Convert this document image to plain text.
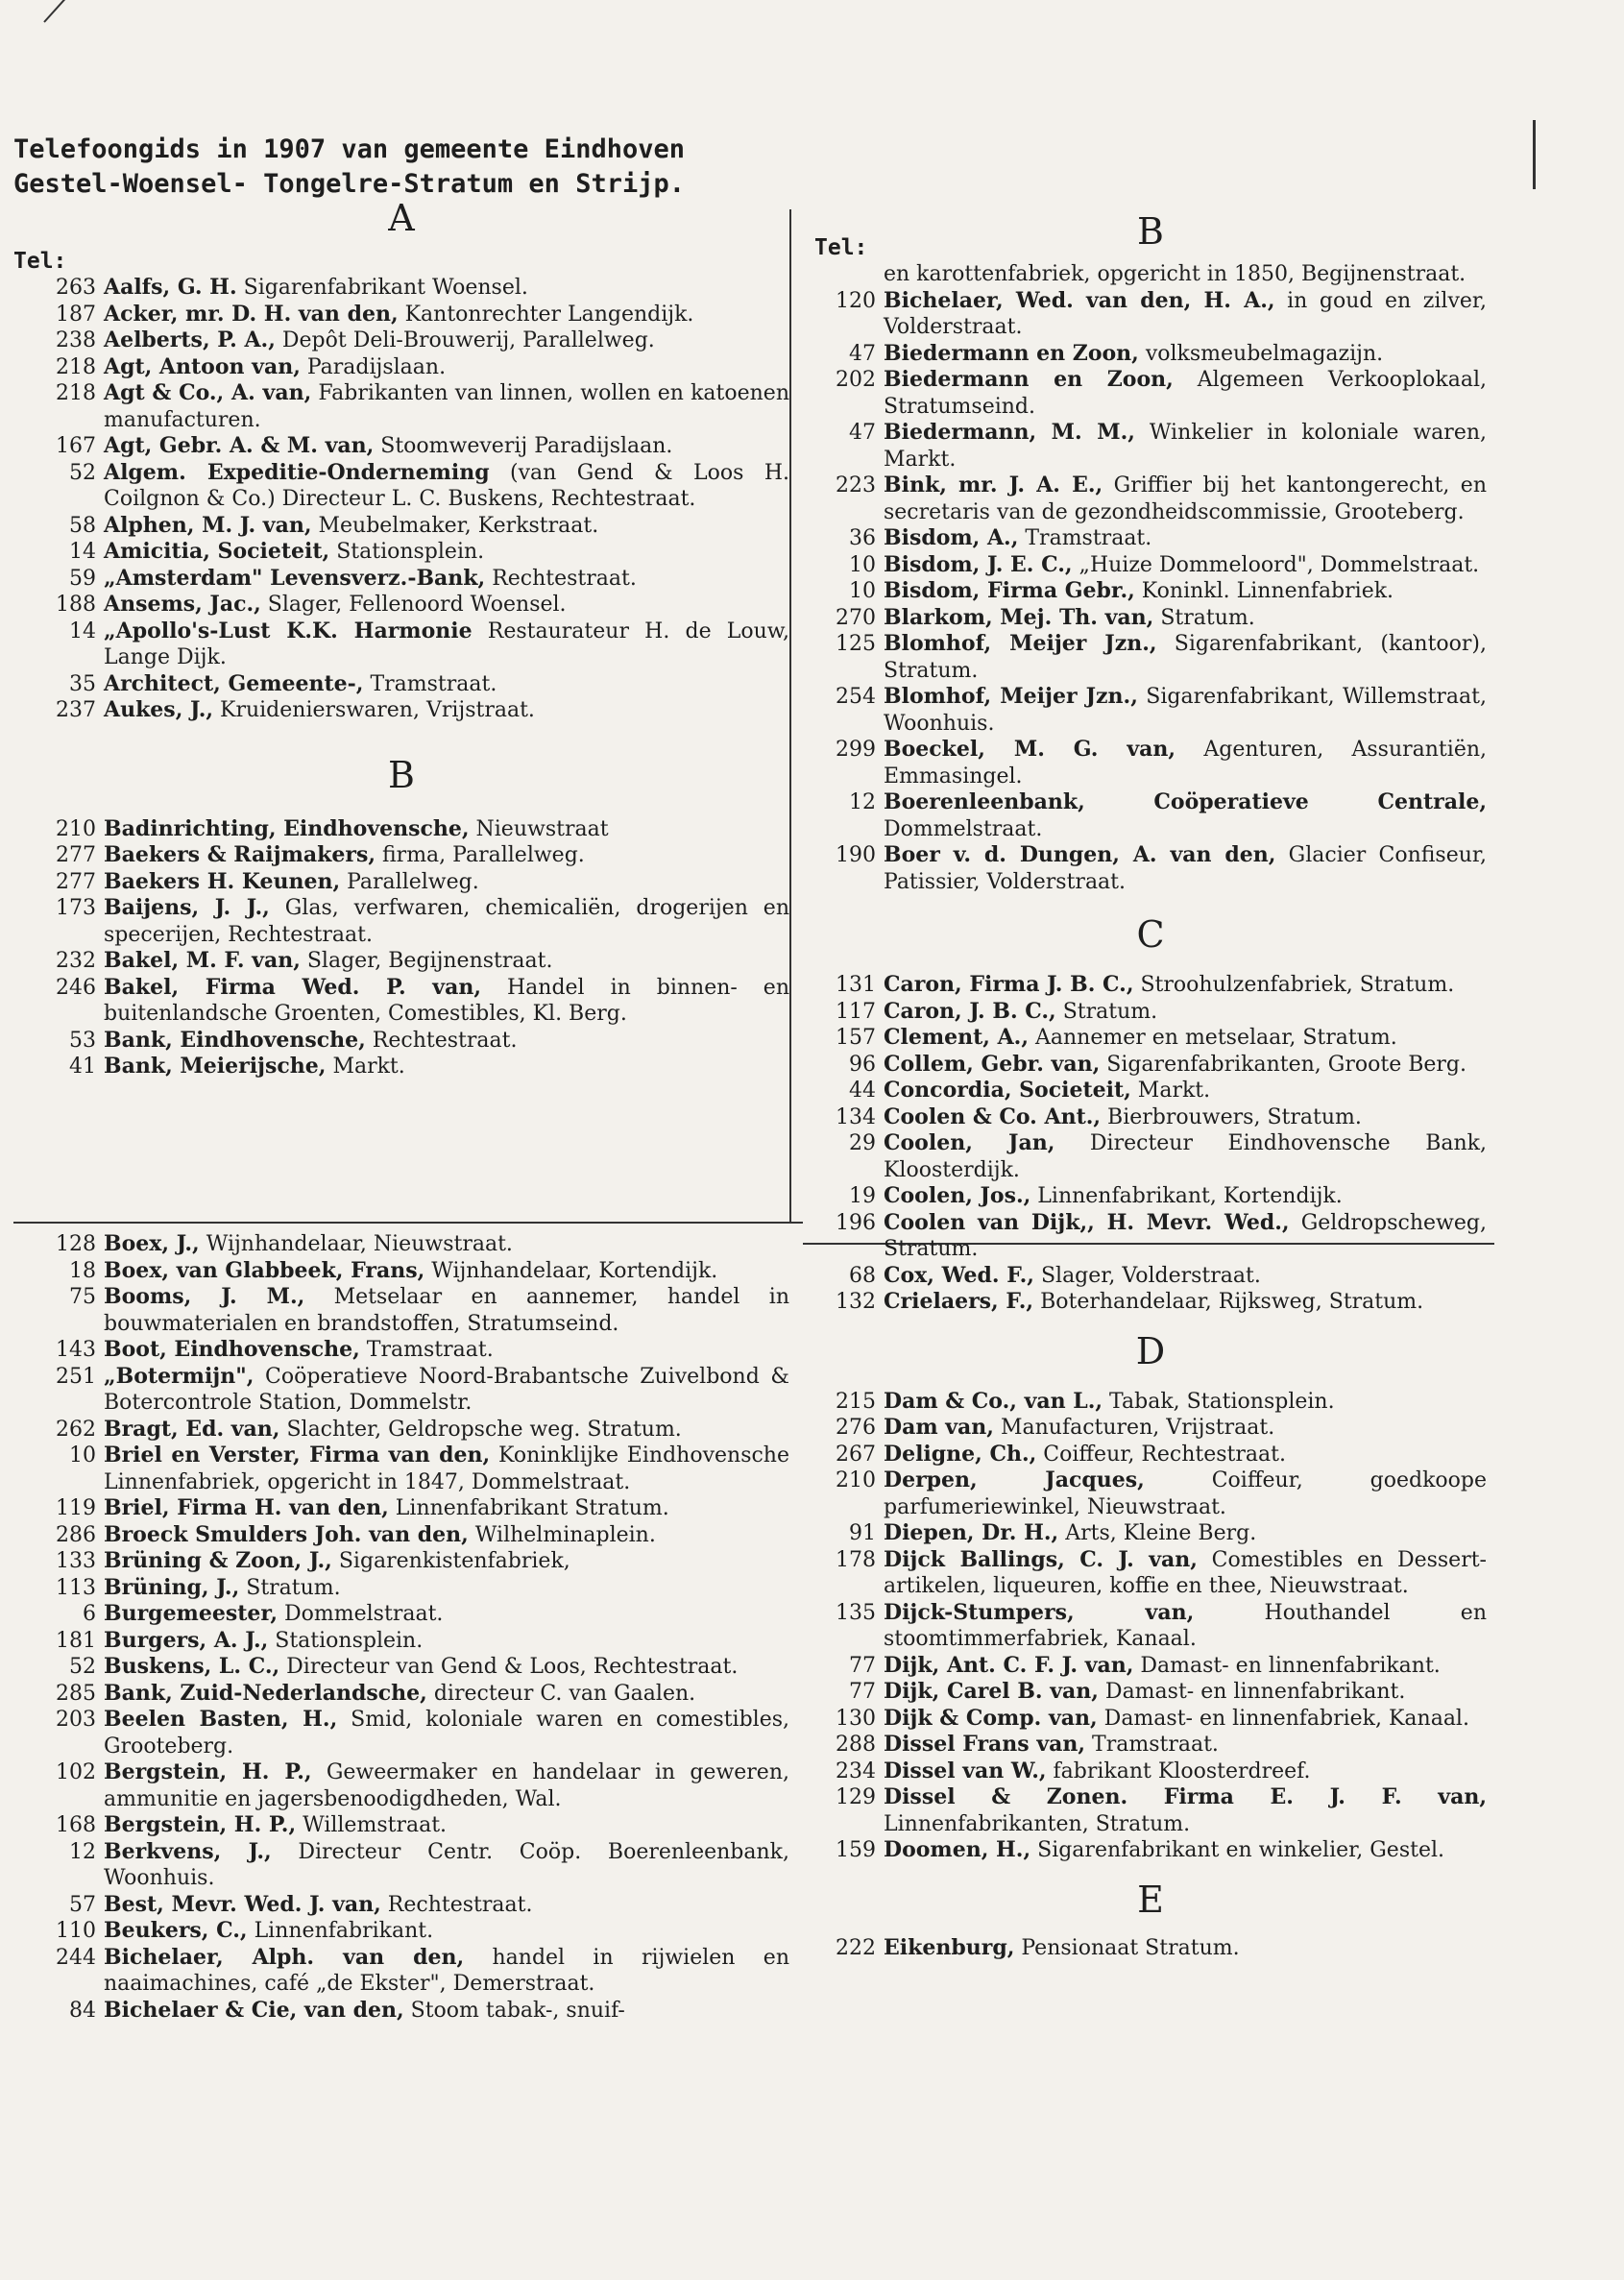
Telefoongids in 1907 van gemeente Eindhoven
Gestel-Woensel- Tongelre-Stratum en Strijp.
A
Tel:
263 Aalfs, G. H. Sigarenfabrikant Woensel.
187 Acker, mr. D. H. van den, Kantonrechter Langendijk.
238 Aelberts, P. A., Depôt Deli-Brouwerij, Parallelweg.
218 Agt, Antoon van, Paradijslaan.
218 Agt & Co., A. van, Fabrikanten van linnen, wollen en katoenen manufacturen.
167 Agt, Gebr. A. & M. van, Stoomweverij Paradijslaan.
52 Algem. Expeditie-Onderneming (van Gend & Loos H. Coilgnon & Co.) Directeur L. C. Buskens, Rechtestraat.
58 Alphen, M. J. van, Meubelmaker, Kerkstraat.
14 Amicitia, Societeit, Stationsplein.
59 „Amsterdam" Levensverz.-Bank, Rechtestraat.
188 Ansems, Jac., Slager, Fellenoord Woensel.
14 „Apollo's-Lust K.K. Harmonie Restaurateur H. de Louw, Lange Dijk.
35 Architect, Gemeente-, Tramstraat.
237 Aukes, J., Kruidenierswaren, Vrijstraat.
B
210 Badinrichting, Eindhovensche, Nieuwstraat
277 Baekers & Raijmakers, firma, Parallelweg.
277 Baekers H. Keunen, Parallelweg.
173 Baijens, J. J., Glas, verfwaren, chemicaliën, drogerijen en specerijen, Rechtestraat.
232 Bakel, M. F. van, Slager, Begijnenstraat.
246 Bakel, Firma Wed. P. van, Handel in binnen- en buitenlandsche Groenten, Comestibles, Kl. Berg.
53 Bank, Eindhovensche, Rechtestraat.
41 Bank, Meierijsche, Markt.
128 Boex, J., Wijnhandelaar, Nieuwstraat.
18 Boex, van Glabbeek, Frans, Wijnhandelaar, Kortendijk.
75 Booms, J. M., Metselaar en aannemer, handel in bouwmaterialen en brandstoffen, Stratumseind.
143 Boot, Eindhovensche, Tramstraat.
251 „Botermijn", Coöperatieve Noord-Brabantsche Zuivelbond & Botercontrole Station, Dommelstr.
262 Bragt, Ed. van, Slachter, Geldropsche weg. Stratum.
10 Briel en Verster, Firma van den, Koninklijke Eindhovensche Linnenfabriek, opgericht in 1847, Dommelstraat.
119 Briel, Firma H. van den, Linnenfabrikant Stratum.
286 Broeck Smulders Joh. van den, Wilhelminaplein.
133 Brüning & Zoon, J., Sigarenkistenfabriek,
113 Brüning, J., Stratum.
6 Burgemeester, Dommelstraat.
181 Burgers, A. J., Stationsplein.
52 Buskens, L. C., Directeur van Gend & Loos, Rechtestraat.
285 Bank, Zuid-Nederlandsche, directeur C. van Gaalen.
203 Beelen Basten, H., Smid, koloniale waren en comestibles, Grooteberg.
102 Bergstein, H. P., Geweermaker en handelaar in geweren, ammunitie en jagersbenoodigdheden, Wal.
168 Bergstein, H. P., Willemstraat.
12 Berkvens, J., Directeur Centr. Coöp. Boerenleenbank, Woonhuis.
57 Best, Mevr. Wed. J. van, Rechtestraat.
110 Beukers, C., Linnenfabrikant.
244 Bichelaer, Alph. van den, handel in rijwielen en naaimachines, café „de Ekster", Demerstraat.
84 Bichelaer & Cie, van den, Stoom tabak-, snuif-
B
en karottenfabriek, opgericht in 1850, Begijnenstraat.
Tel:
120 Bichelaer, Wed. van den, H. A., in goud en zilver, Volderstraat.
47 Biedermann en Zoon, volksmeubelmagazijn.
202 Biedermann en Zoon, Algemeen Verkooplokaal, Stratumseind.
47 Biedermann, M. M., Winkelier in koloniale waren, Markt.
223 Bink, mr. J. A. E., Griffier bij het kantongerecht, en secretaris van de gezondheidscommissie, Grooteberg.
36 Bisdom, A., Tramstraat.
10 Bisdom, J. E. C., „Huize Dommeloord", Dommelstraat.
10 Bisdom, Firma Gebr., Koninkl. Linnenfabriek.
270 Blarkom, Mej. Th. van, Stratum.
125 Blomhof, Meijer Jzn., Sigarenfabrikant, (kantoor), Stratum.
254 Blomhof, Meijer Jzn., Sigarenfabrikant, Willemstraat, Woonhuis.
299 Boeckel, M. G. van, Agenturen, Assurantiën, Emmasingel.
12 Boerenleenbank, Coöperatieve Centrale, Dommelstraat.
190 Boer v. d. Dungen, A. van den, Glacier Confiseur, Patissier, Volderstraat.
C
131 Caron, Firma J. B. C., Stroohulzenfabriek, Stratum.
117 Caron, J. B. C., Stratum.
157 Clement, A., Aannemer en metselaar, Stratum.
96 Collem, Gebr. van, Sigarenfabrikanten, Groote Berg.
44 Concordia, Societeit, Markt.
134 Coolen & Co. Ant., Bierbrouwers, Stratum.
29 Coolen, Jan, Directeur Eindhovensche Bank, Kloosterdijk.
19 Coolen, Jos., Linnenfabrikant, Kortendijk.
196 Coolen van Dijk,, H. Mevr. Wed., Geldropscheweg, Stratum.
68 Cox, Wed. F., Slager, Volderstraat.
132 Crielaers, F., Boterhandelaar, Rijksweg, Stratum.
D
215 Dam & Co., van L., Tabak, Stationsplein.
276 Dam van, Manufacturen, Vrijstraat.
267 Deligne, Ch., Coiffeur, Rechtestraat.
210 Derpen, Jacques, Coiffeur, goedkoope parfumeriewinkel, Nieuwstraat.
91 Diepen, Dr. H., Arts, Kleine Berg.
178 Dijck Ballings, C. J. van, Comestibles en Dessert-artikelen, liqueuren, koffie en thee, Nieuwstraat.
135 Dijck-Stumpers, van, Houthandel en stoomtimmerfabriek, Kanaal.
77 Dijk, Ant. C. F. J. van, Damast- en linnenfabrikant.
77 Dijk, Carel B. van, Damast- en linnenfabrikant.
130 Dijk & Comp. van, Damast- en linnenfabriek, Kanaal.
288 Dissel Frans van, Tramstraat.
234 Dissel van W., fabrikant Kloosterdreef.
129 Dissel & Zonen. Firma E. J. F. van, Linnenfabrikanten, Stratum.
159 Doomen, H., Sigarenfabrikant en winkelier, Gestel.
E
222 Eikenburg, Pensionaat Stratum.
